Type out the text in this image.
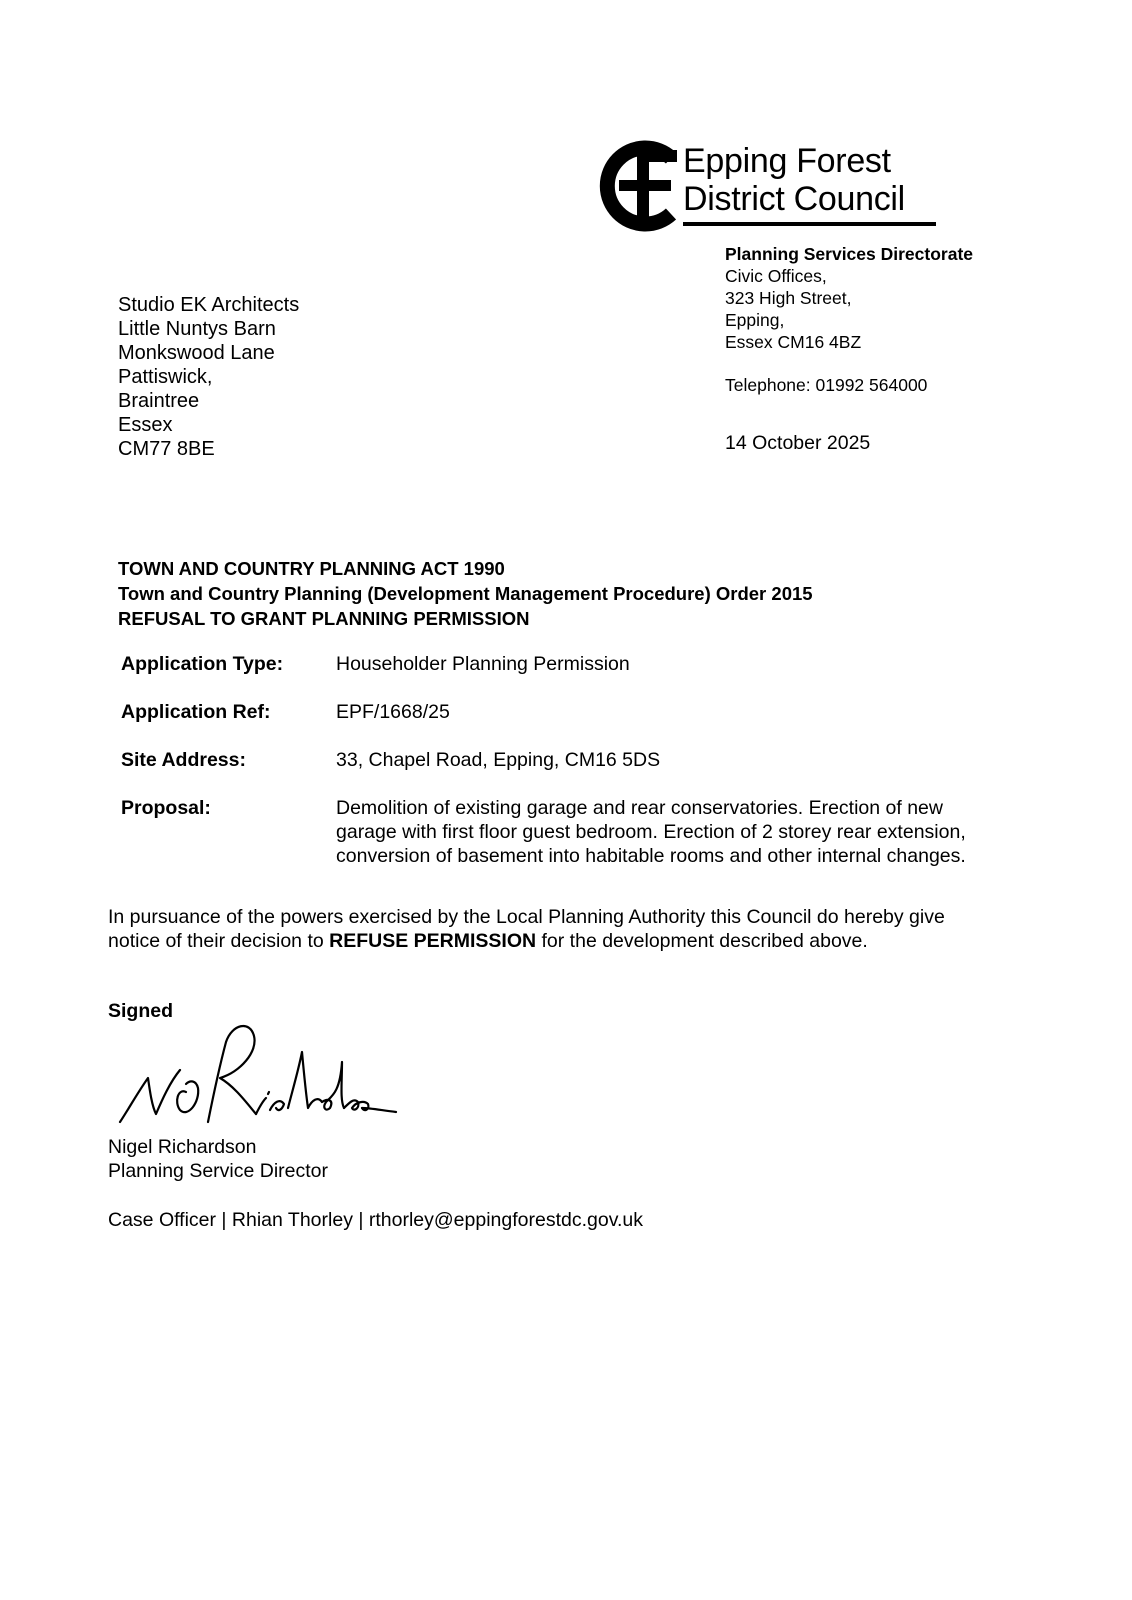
Epping Forest
District Council
Planning Services Directorate
Civic Offices,
323 High Street,
Epping,
Essex CM16 4BZ
Telephone: 01992 564000
14 October 2025
Studio EK Architects
Little Nuntys Barn
Monkswood Lane
Pattiswick,
Braintree
Essex
CM77 8BE
TOWN AND COUNTRY PLANNING ACT 1990
Town and Country Planning (Development Management Procedure) Order 2015
REFUSAL TO GRANT PLANNING PERMISSION
Application Type:	Householder Planning Permission
Application Ref:	EPF/1668/25
Site Address:	33, Chapel Road, Epping, CM16 5DS
Proposal:	Demolition of existing garage and rear conservatories. Erection of new
garage with first floor guest bedroom. Erection of 2 storey rear extension,
conversion of basement into habitable rooms and other internal changes.
In pursuance of the powers exercised by the Local Planning Authority this Council do hereby give
notice of their decision to REFUSE PERMISSION for the development described above.
Signed
Nigel Richardson
Planning Service Director
Case Officer | Rhian Thorley | rthorley@eppingforestdc.gov.uk
